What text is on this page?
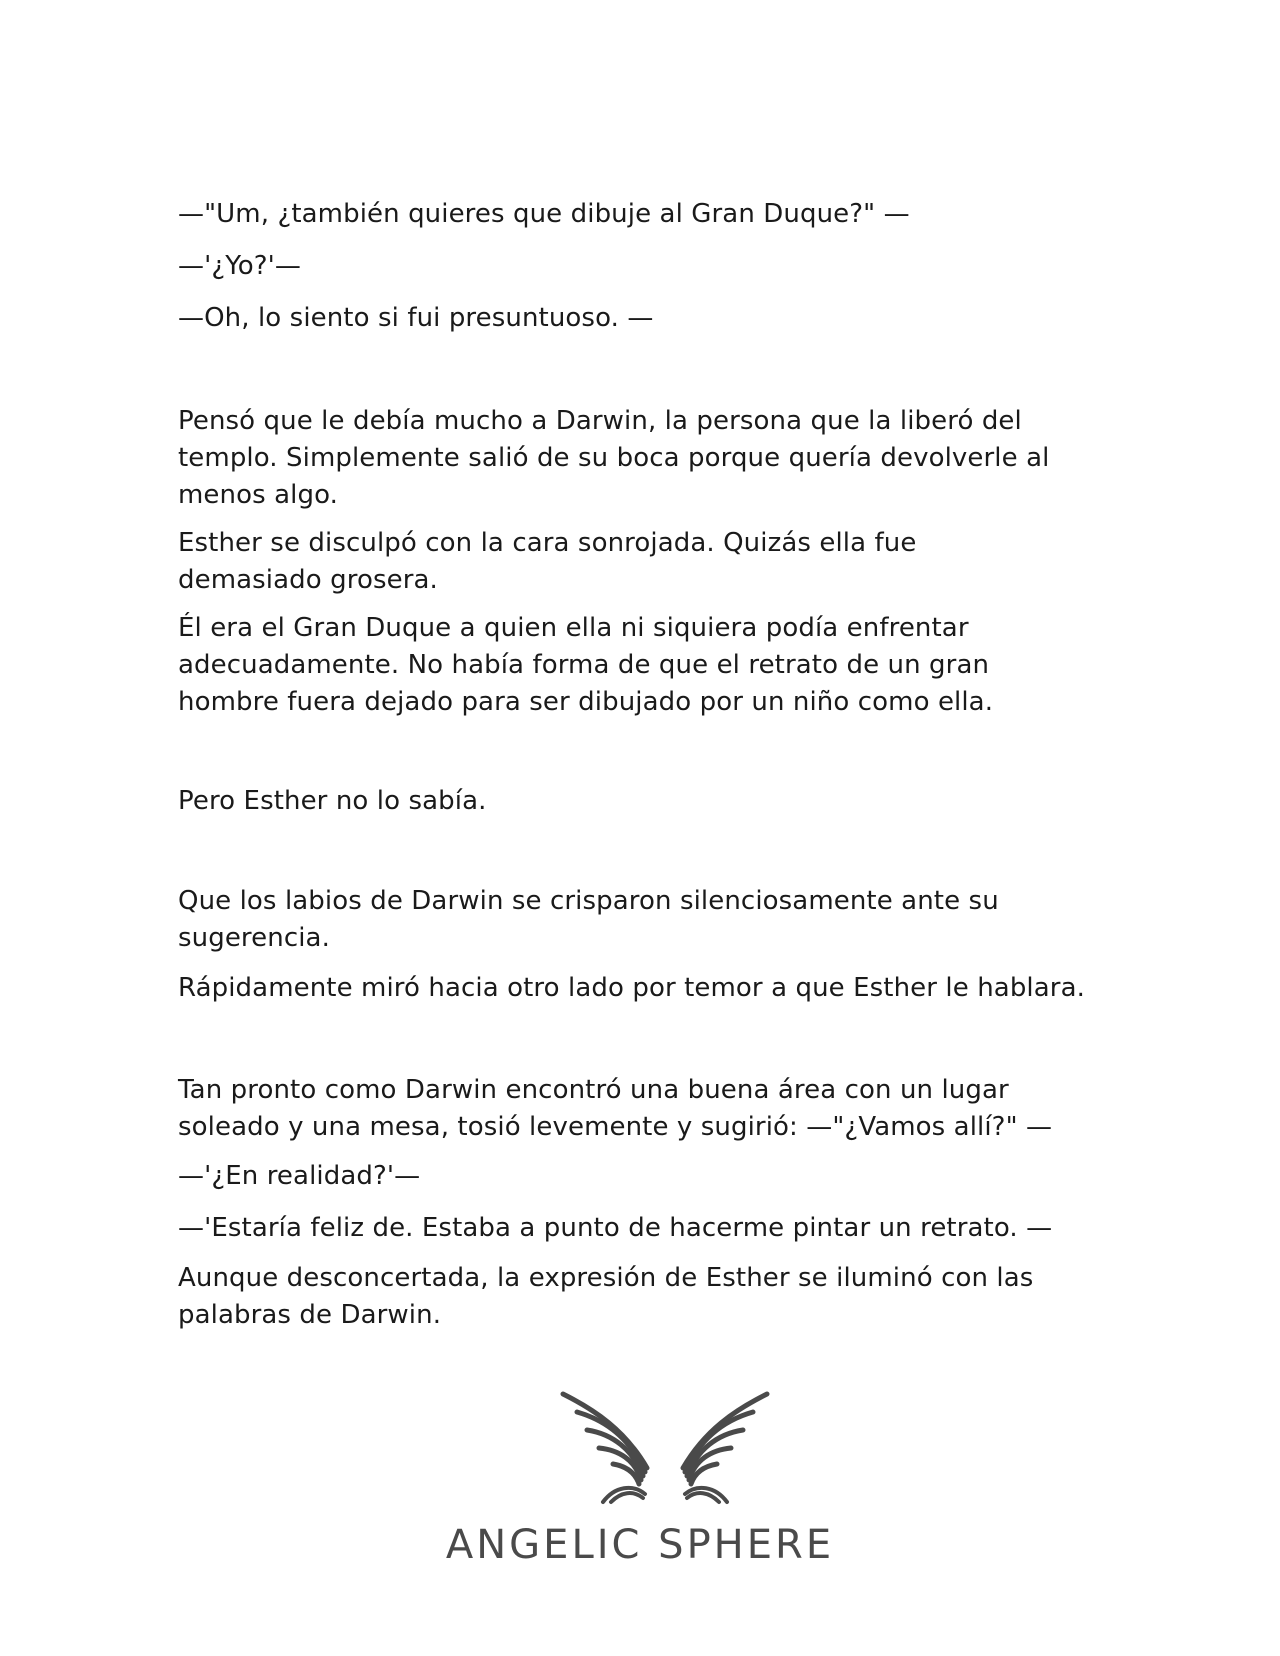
—"Um, ¿también quieres que dibuje al Gran Duque?" —

—'¿Yo?'—

—Oh, lo siento si fui presuntuoso. —

Pensó que le debía mucho a Darwin, la persona que la liberó del templo. Simplemente salió de su boca porque quería devolverle al menos algo.

Esther se disculpó con la cara sonrojada. Quizás ella fue demasiado grosera.

Él era el Gran Duque a quien ella ni siquiera podía enfrentar adecuadamente. No había forma de que el retrato de un gran hombre fuera dejado para ser dibujado por un niño como ella.

Pero Esther no lo sabía.

Que los labios de Darwin se crisparon silenciosamente ante su sugerencia.

Rápidamente miró hacia otro lado por temor a que Esther le hablara.

Tan pronto como Darwin encontró una buena área con un lugar soleado y una mesa, tosió levemente y sugirió: —"¿Vamos allí?" —

—'¿En realidad?'—

—'Estaría feliz de. Estaba a punto de hacerme pintar un retrato. —

Aunque desconcertada, la expresión de Esther se iluminó con las palabras de Darwin.

ANGELIC SPHERE
